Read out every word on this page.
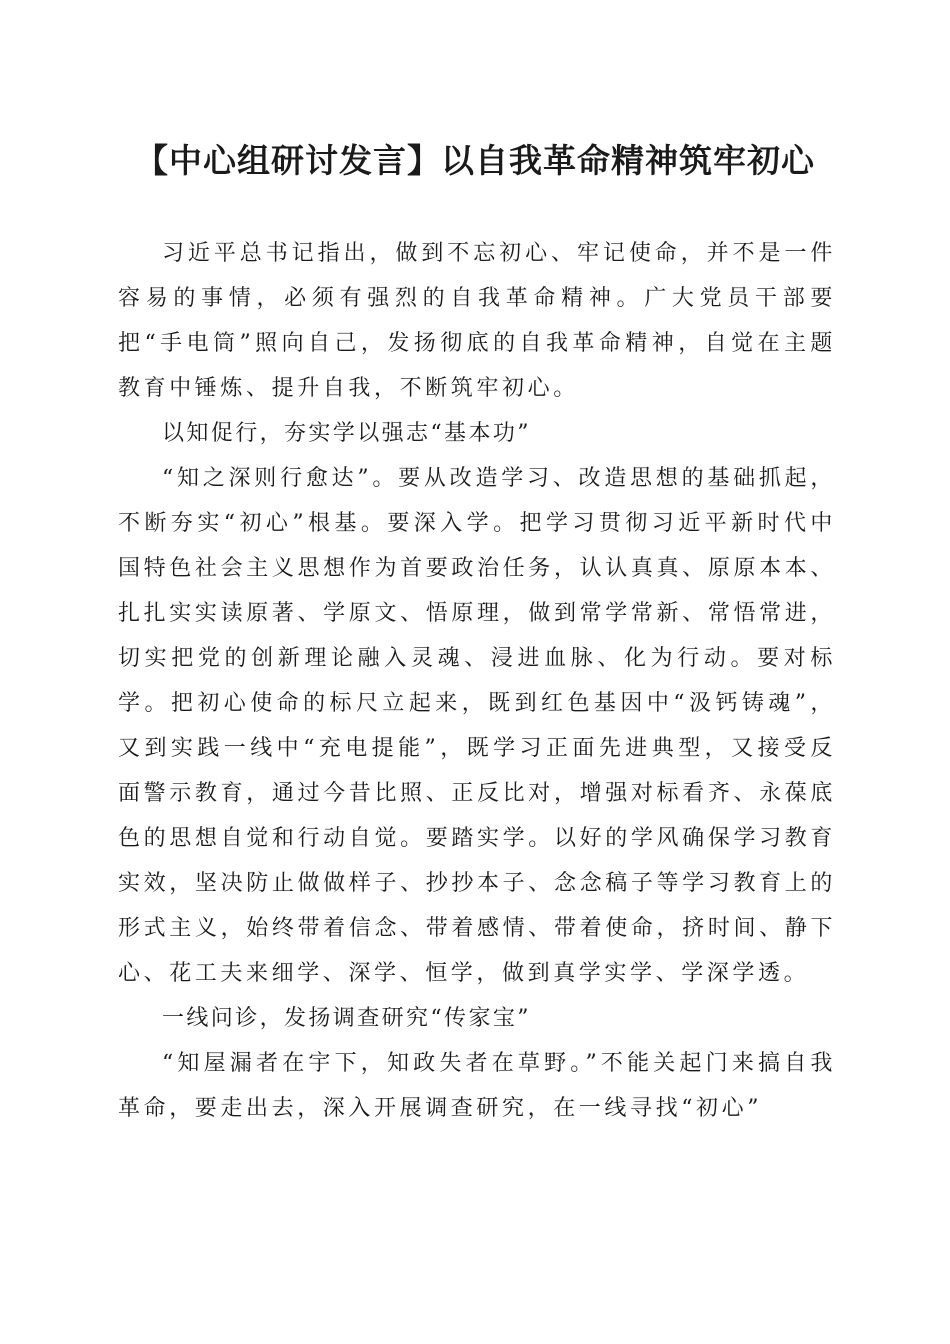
【中心组研讨发言】以自我革命精神筑牢初心

习近平总书记指出，做到不忘初心、牢记使命，并不是一件容易的事情，必须有强烈的自我革命精神。广大党员干部要把“手电筒”照向自己，发扬彻底的自我革命精神，自觉在主题教育中锤炼、提升自我，不断筑牢初心。

以知促行，夯实学以强志“基本功”

“知之深则行愈达”。要从改造学习、改造思想的基础抓起，不断夯实“初心”根基。要深入学。把学习贯彻习近平新时代中国特色社会主义思想作为首要政治任务，认认真真、原原本本、扎扎实实读原著、学原文、悟原理，做到常学常新、常悟常进，切实把党的创新理论融入灵魂、浸进血脉、化为行动。要对标学。把初心使命的标尺立起来，既到红色基因中“汲钙铸魂”，又到实践一线中“充电提能”，既学习正面先进典型，又接受反面警示教育，通过今昔比照、正反比对，增强对标看齐、永葆底色的思想自觉和行动自觉。要踏实学。以好的学风确保学习教育实效，坚决防止做做样子、抄抄本子、念念稿子等学习教育上的形式主义，始终带着信念、带着感情、带着使命，挤时间、静下心、花工夫来细学、深学、恒学，做到真学实学、学深学透。

一线问诊，发扬调查研究“传家宝”

“知屋漏者在宇下，知政失者在草野。”不能关起门来搞自我革命，要走出去，深入开展调查研究，在一线寻找“初心”
